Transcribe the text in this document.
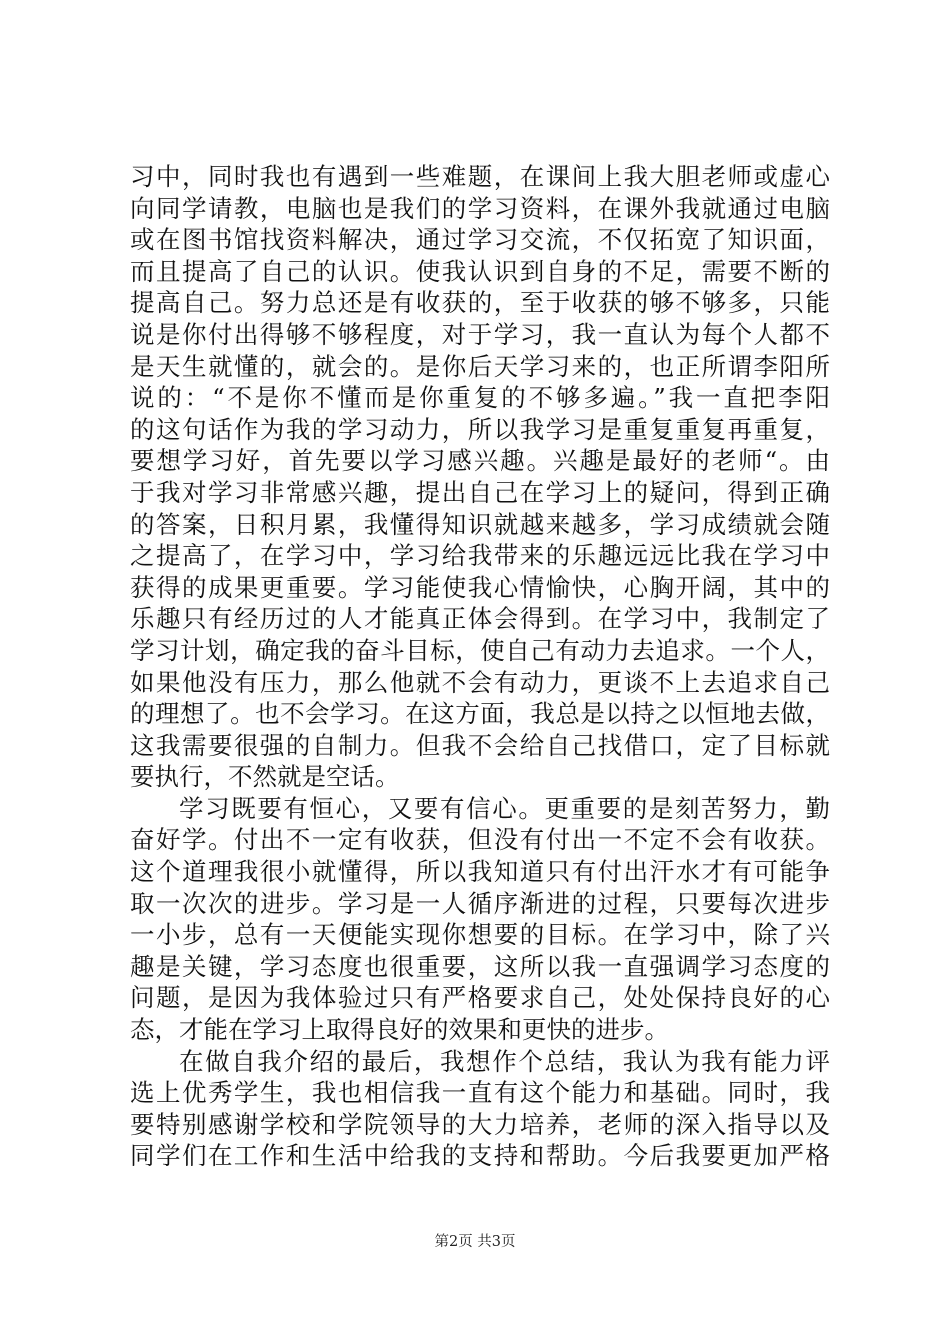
习中，同时我也有遇到一些难题，在课间上我大胆老师或虚心
向同学请教，电脑也是我们的学习资料，在课外我就通过电脑
或在图书馆找资料解决，通过学习交流，不仅拓宽了知识面，
而且提高了自己的认识。使我认识到自身的不足，需要不断的
提高自己。努力总还是有收获的，至于收获的够不够多，只能
说是你付出得够不够程度，对于学习，我一直认为每个人都不
是天生就懂的，就会的。是你后天学习来的，也正所谓李阳所
说的：“不是你不懂而是你重复的不够多遍。”我一直把李阳
的这句话作为我的学习动力，所以我学习是重复重复再重复，
要想学习好，首先要以学习感兴趣。兴趣是最好的老师“。由
于我对学习非常感兴趣，提出自己在学习上的疑问，得到正确
的答案，日积月累，我懂得知识就越来越多，学习成绩就会随
之提高了，在学习中，学习给我带来的乐趣远远比我在学习中
获得的成果更重要。学习能使我心情愉快，心胸开阔，其中的
乐趣只有经历过的人才能真正体会得到。在学习中，我制定了
学习计划，确定我的奋斗目标，使自己有动力去追求。一个人，
如果他没有压力，那么他就不会有动力，更谈不上去追求自己
的理想了。也不会学习。在这方面，我总是以持之以恒地去做，
这我需要很强的自制力。但我不会给自己找借口，定了目标就
要执行，不然就是空话。
学习既要有恒心，又要有信心。更重要的是刻苦努力，勤
奋好学。付出不一定有收获，但没有付出一不定不会有收获。
这个道理我很小就懂得，所以我知道只有付出汗水才有可能争
取一次次的进步。学习是一人循序渐进的过程，只要每次进步
一小步，总有一天便能实现你想要的目标。在学习中，除了兴
趣是关键，学习态度也很重要，这所以我一直强调学习态度的
问题，是因为我体验过只有严格要求自己，处处保持良好的心
态，才能在学习上取得良好的效果和更快的进步。
在做自我介绍的最后，我想作个总结，我认为我有能力评
选上优秀学生，我也相信我一直有这个能力和基础。同时，我
要特别感谢学校和学院领导的大力培养，老师的深入指导以及
同学们在工作和生活中给我的支持和帮助。今后我要更加严格
第2页 共3页
